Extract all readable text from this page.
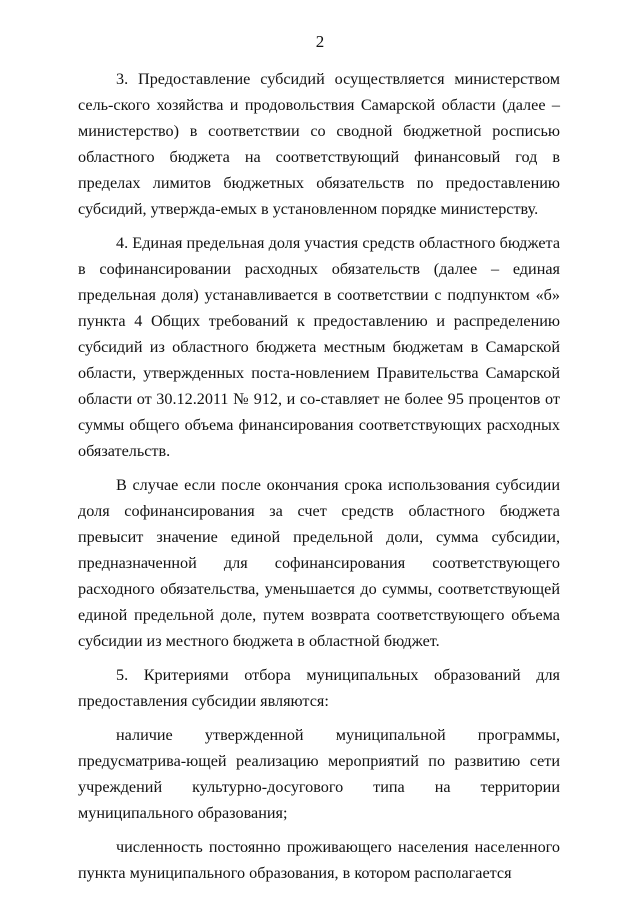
2

3. Предоставление субсидий осуществляется министерством сель-ского хозяйства и продовольствия Самарской области (далее – министерство) в соответствии со сводной бюджетной росписью областного бюджета на соответствующий финансовый год в пределах лимитов бюджетных обязательств по предоставлению субсидий, утвержда-емых в установленном порядке министерству.

4. Единая предельная доля участия средств областного бюджета в софинансировании расходных обязательств (далее – единая предельная доля) устанавливается в соответствии с подпунктом «б» пункта 4 Общих требований к предоставлению и распределению субсидий из областного бюджета местным бюджетам в Самарской области, утвержденных поста-новлением Правительства Самарской области от 30.12.2011 № 912, и со-ставляет не более 95 процентов от суммы общего объема финансирования соответствующих расходных обязательств.

В случае если после окончания срока использования субсидии доля софинансирования за счет средств областного бюджета превысит значение единой предельной доли, сумма субсидии, предназначенной для софинансирования соответствующего расходного обязательства, уменьшается до суммы, соответствующей единой предельной доле, путем возврата соответствующего объема субсидии из местного бюджета в областной бюджет.

5. Критериями отбора муниципальных образований для предоставления субсидии являются:

наличие утвержденной муниципальной программы, предусматрива-ющей реализацию мероприятий по развитию сети учреждений культурно-досугового типа на территории муниципального образования;

численность постоянно проживающего населения населенного пункта муниципального образования, в котором располагается
